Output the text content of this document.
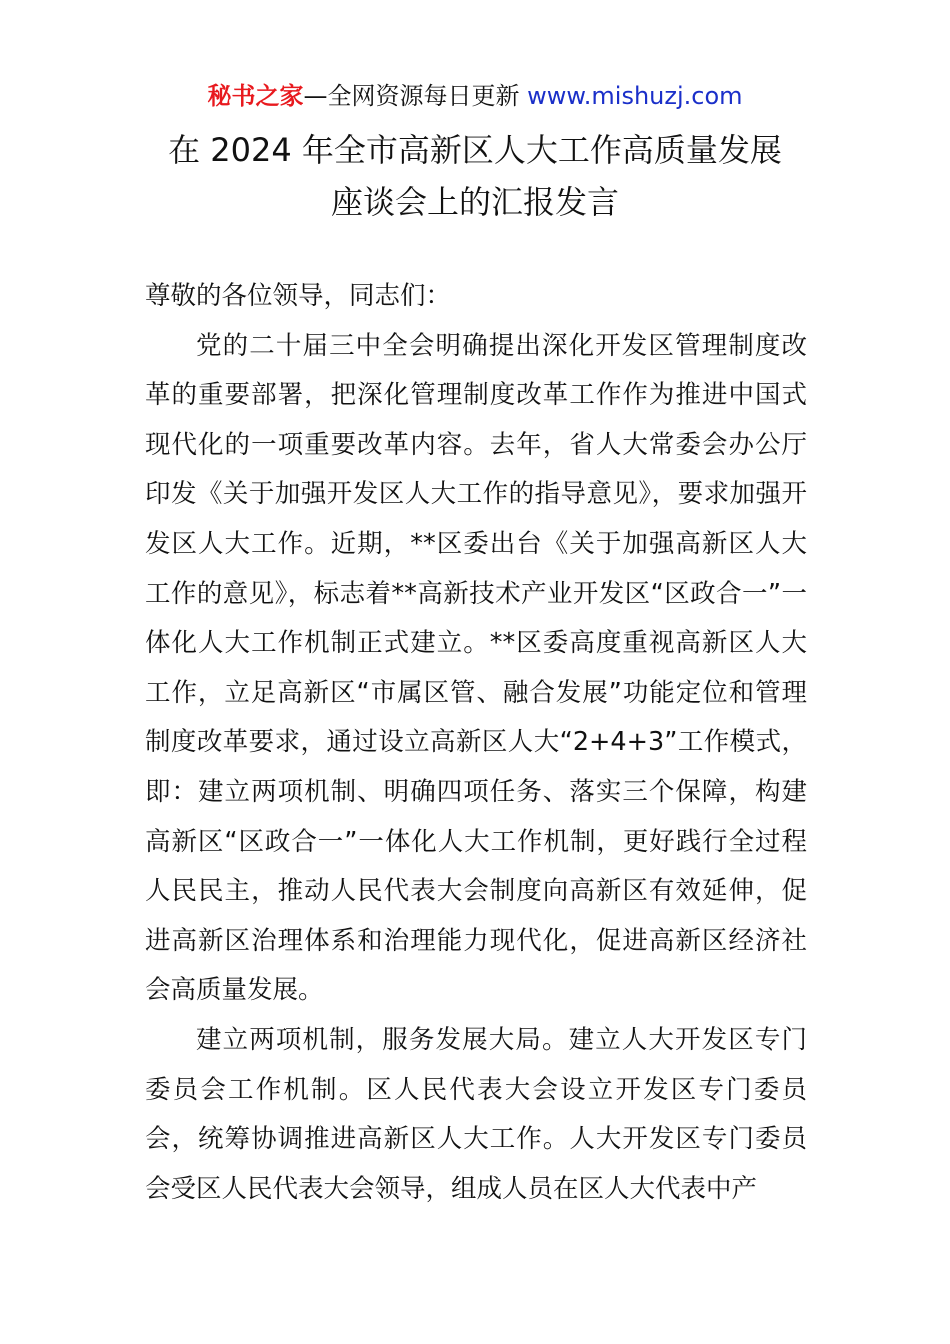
秘书之家—全网资源每日更新 www.mishuzj.com
在 2024 年全市高新区人大工作高质量发展
座谈会上的汇报发言

尊敬的各位领导，同志们：

党的二十届三中全会明确提出深化开发区管理制度改革的重要部署，把深化管理制度改革工作作为推进中国式现代化的一项重要改革内容。去年，省人大常委会办公厅印发《关于加强开发区人大工作的指导意见》，要求加强开发区人大工作。近期，**区委出台《关于加强高新区人大工作的意见》，标志着**高新技术产业开发区“区政合一”一体化人大工作机制正式建立。**区委高度重视高新区人大工作，立足高新区“市属区管、融合发展”功能定位和管理制度改革要求，通过设立高新区人大“2+4+3”工作模式，即：建立两项机制、明确四项任务、落实三个保障，构建高新区“区政合一”一体化人大工作机制，更好践行全过程人民民主，推动人民代表大会制度向高新区有效延伸，促进高新区治理体系和治理能力现代化，促进高新区经济社会高质量发展。

建立两项机制，服务发展大局。建立人大开发区专门委员会工作机制。区人民代表大会设立开发区专门委员会，统筹协调推进高新区人大工作。人大开发区专门委员会受区人民代表大会领导，组成人员在区人大代表中产
